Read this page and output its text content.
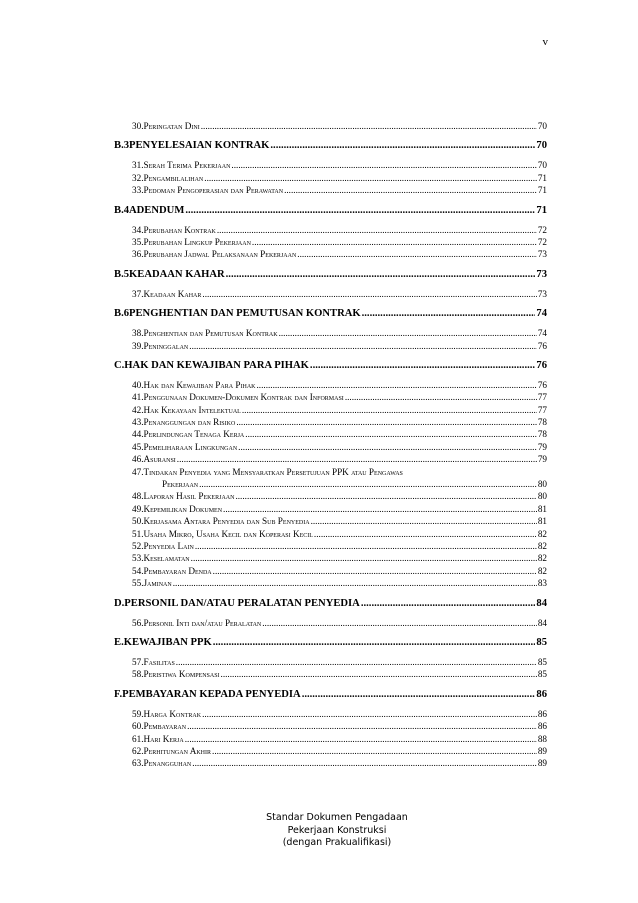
v
30.Peringatan Dini .....	70
B.3PENYELESAIAN KONTRAK .....	70
31.Serah Terima Pekerjaan .....	70
32.Pengambilalihan .....	71
33.Pedoman Pengoperasian dan Perawatan .....	71
B.4ADENDUM .....	71
34.Perubahan Kontrak .....	72
35.Perubahan Lingkup Pekerjaan .....	72
36.Perubahan Jadwal Pelaksanaan Pekerjaan .....	73
B.5KEADAAN KAHAR .....	73
37.Keadaan Kahar .....	73
B.6PENGHENTIAN DAN PEMUTUSAN KONTRAK .....	74
38.Penghentian dan Pemutusan Kontrak .....	74
39.Peninggalan .....	76
C.HAK DAN KEWAJIBAN PARA PIHAK .....	76
40.Hak dan Kewajiban Para Pihak .....	76
41.Penggunaan Dokumen-Dokumen Kontrak dan Informasi .....	77
42.Hak Kekayaan Intelektual .....	77
43.Penanggungan dan Risiko .....	78
44.Perlindungan Tenaga Kerja .....	78
45.Pemeliharaan Lingkungan .....	79
46.Asuransi .....	79
47.Tindakan Penyedia yang Mensyaratkan Persetujuan PPK atau Pengawas
Pekerjaan .....	80
48.Laporan Hasil Pekerjaan .....	80
49.Kepemilikan Dokumen .....	81
50.Kerjasama Antara Penyedia dan Sub Penyedia .....	81
51.Usaha Mikro, Usaha Kecil dan Koperasi Kecil .....	82
52.Penyedia Lain .....	82
53.Keselamatan .....	82
54.Pembayaran Denda .....	82
55.Jaminan .....	83
D.PERSONIL DAN/ATAU PERALATAN PENYEDIA .....	84
56.Personil Inti dan/atau Peralatan .....	84
E.KEWAJIBAN PPK .....	85
57.Fasilitas .....	85
58.Peristiwa Kompensasi .....	85
F.PEMBAYARAN KEPADA PENYEDIA .....	86
59.Harga Kontrak .....	86
60.Pembayaran .....	86
61.Hari Kerja .....	88
62.Perhitungan Akhir .....	89
63.Penangguhan .....	89
Standar Dokumen Pengadaan
Pekerjaan Konstruksi
(dengan Prakualifikasi)
